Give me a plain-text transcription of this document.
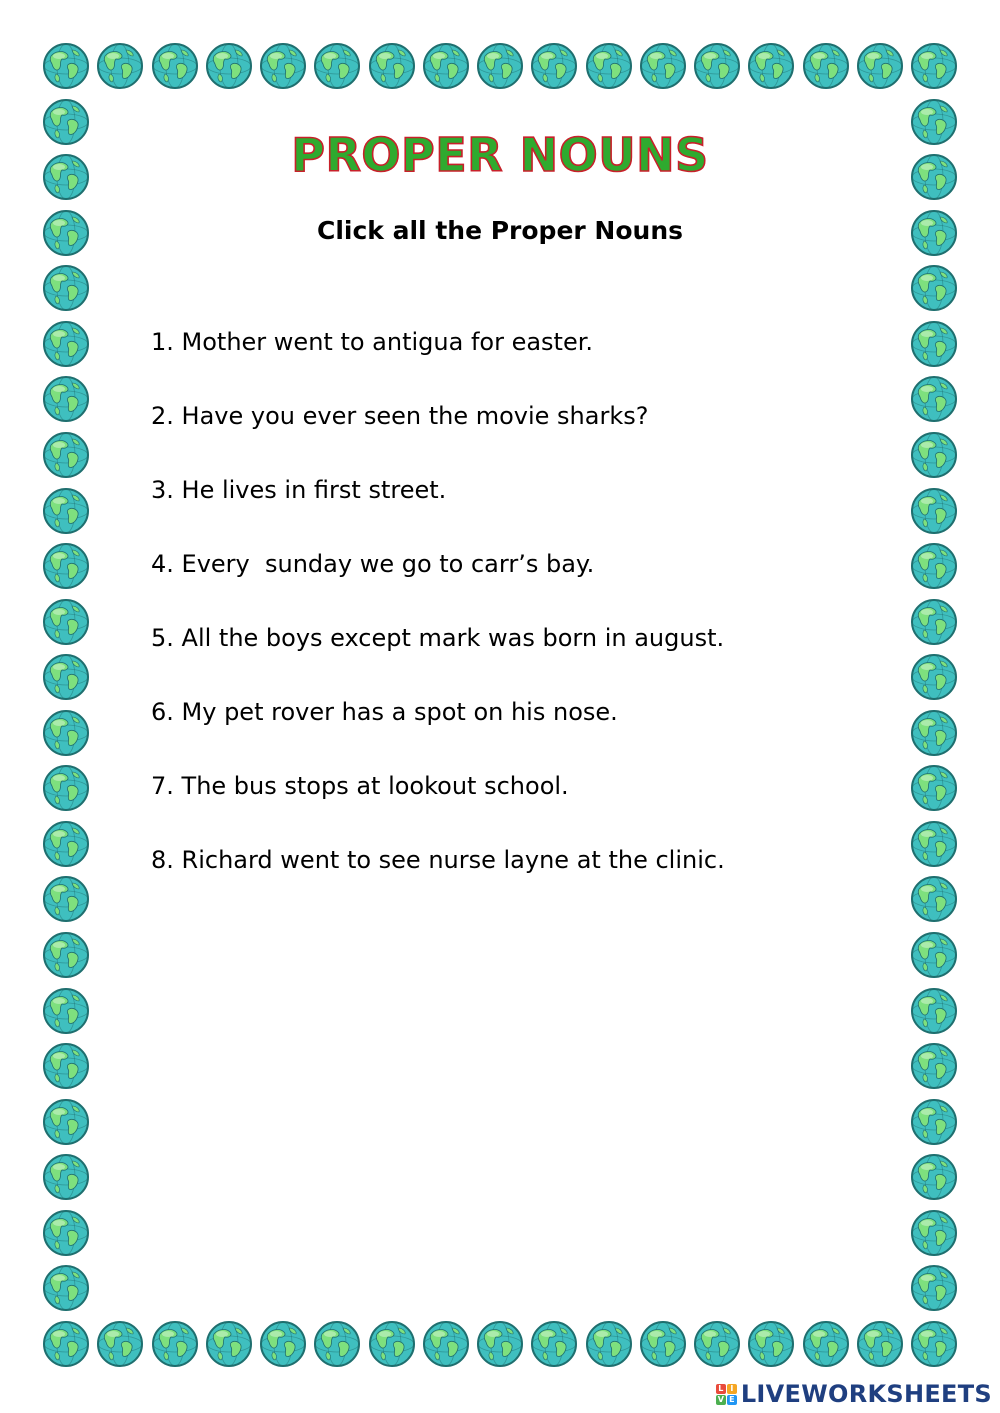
PROPER NOUNS
Click all the Proper Nouns
1. Mother went to antigua for easter.
2. Have you ever seen the movie sharks?
3. He lives in first street.
4. Every  sunday we go to carr’s bay.
5. All the boys except mark was born in august.
6. My pet rover has a spot on his nose.
7. The bus stops at lookout school.
8. Richard went to see nurse layne at the clinic.
L I
V E LIVEWORKSHEETS
